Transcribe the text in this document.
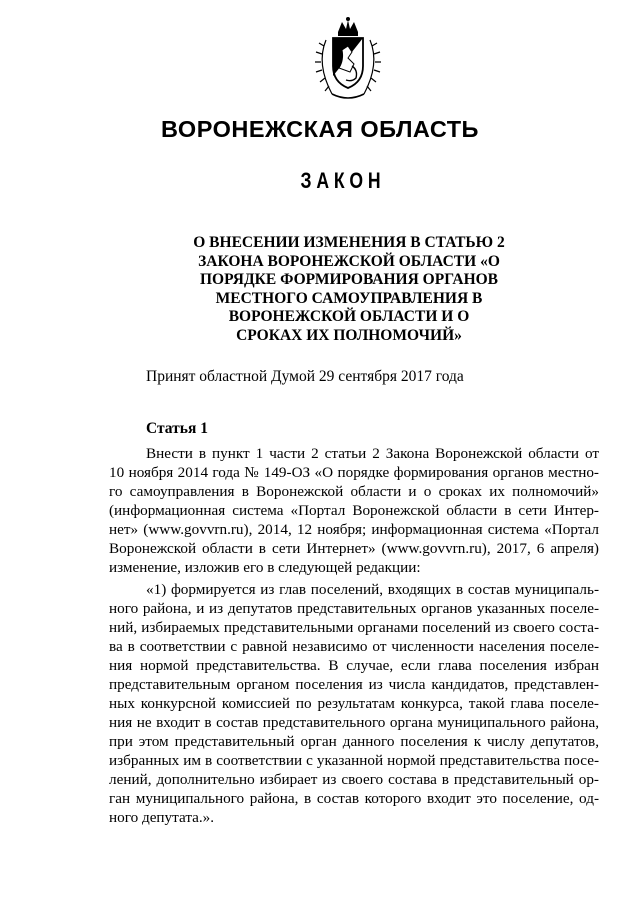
ВОРОНЕЖСКАЯ ОБЛАСТЬ
ЗАКОН
О ВНЕСЕНИИ ИЗМЕНЕНИЯ В СТАТЬЮ 2
ЗАКОНА ВОРОНЕЖСКОЙ ОБЛАСТИ «О
ПОРЯДКЕ ФОРМИРОВАНИЯ ОРГАНОВ
МЕСТНОГО САМОУПРАВЛЕНИЯ В
ВОРОНЕЖСКОЙ ОБЛАСТИ И О
СРОКАХ ИХ ПОЛНОМОЧИЙ»
Принят областной Думой 29 сентября 2017 года
Статья 1
Внести в пункт 1 части 2 статьи 2 Закона Воронежской области от
10 ноября 2014 года № 149-ОЗ «О порядке формирования органов местно-
го самоуправления в Воронежской области и о сроках их полномочий»
(информационная система «Портал Воронежской области в сети Интер-
нет» (www.govvrn.ru), 2014, 12 ноября; информационная система «Портал
Воронежской области в сети Интернет» (www.govvrn.ru), 2017, 6 апреля)
изменение, изложив его в следующей редакции:
«1) формируется из глав поселений, входящих в состав муниципаль-
ного района, и из депутатов представительных органов указанных поселе-
ний, избираемых представительными органами поселений из своего соста-
ва в соответствии с равной независимо от численности населения поселе-
ния нормой представительства. В случае, если глава поселения избран
представительным органом поселения из числа кандидатов, представлен-
ных конкурсной комиссией по результатам конкурса, такой глава поселе-
ния не входит в состав представительного органа муниципального района,
при этом представительный орган данного поселения к числу депутатов,
избранных им в соответствии с указанной нормой представительства посе-
лений, дополнительно избирает из своего состава в представительный ор-
ган муниципального района, в состав которого входит это поселение, од-
ного депутата.».
